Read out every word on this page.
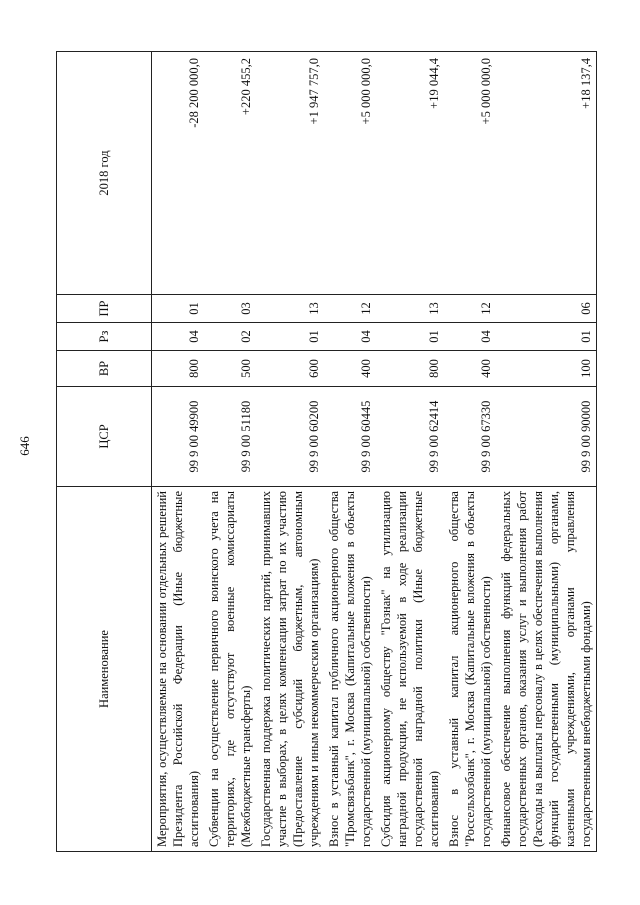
646
Наименование	ЦСР	ВР	Рз	ПР	2018 год
Мероприятия, осуществляемые на основании отдельных решений Президента Российской Федерации (Иные бюджетные ассигнования)	99 9 00 49900	800	04	01	-28 200 000,0
Субвенции на осуществление первичного воинского учета на территориях, где отсутствуют военные комиссариаты (Межбюджетные трансферты)	99 9 00 51180	500	02	03	+220 455,2
Государственная поддержка политических партий, принимавших участие в выборах, в целях компенсации затрат по их участию (Предоставление субсидий бюджетным, автономным учреждениям и иным некоммерческим организациям)	99 9 00 60200	600	01	13	+1 947 757,0
Взнос в уставный капитал публичного акционерного общества "Промсвязьбанк", г. Москва (Капитальные вложения в объекты государственной (муниципальной) собственности)	99 9 00 60445	400	04	12	+5 000 000,0
Субсидия акционерному обществу "Гознак" на утилизацию наградной продукции, не используемой в ходе реализации государственной наградной политики (Иные бюджетные ассигнования)	99 9 00 62414	800	01	13	+19 044,4
Взнос в уставный капитал акционерного общества "Россельхозбанк", г. Москва (Капитальные вложения в объекты государственной (муниципальной) собственности)	99 9 00 67330	400	04	12	+5 000 000,0
Финансовое обеспечение выполнения функций федеральных государственных органов, оказания услуг и выполнения работ (Расходы на выплаты персоналу в целях обеспечения выполнения функций государственными (муниципальными) органами, казенными учреждениями, органами управления государственными внебюджетными фондами)	99 9 00 90000	100	01	06	+18 137,4
